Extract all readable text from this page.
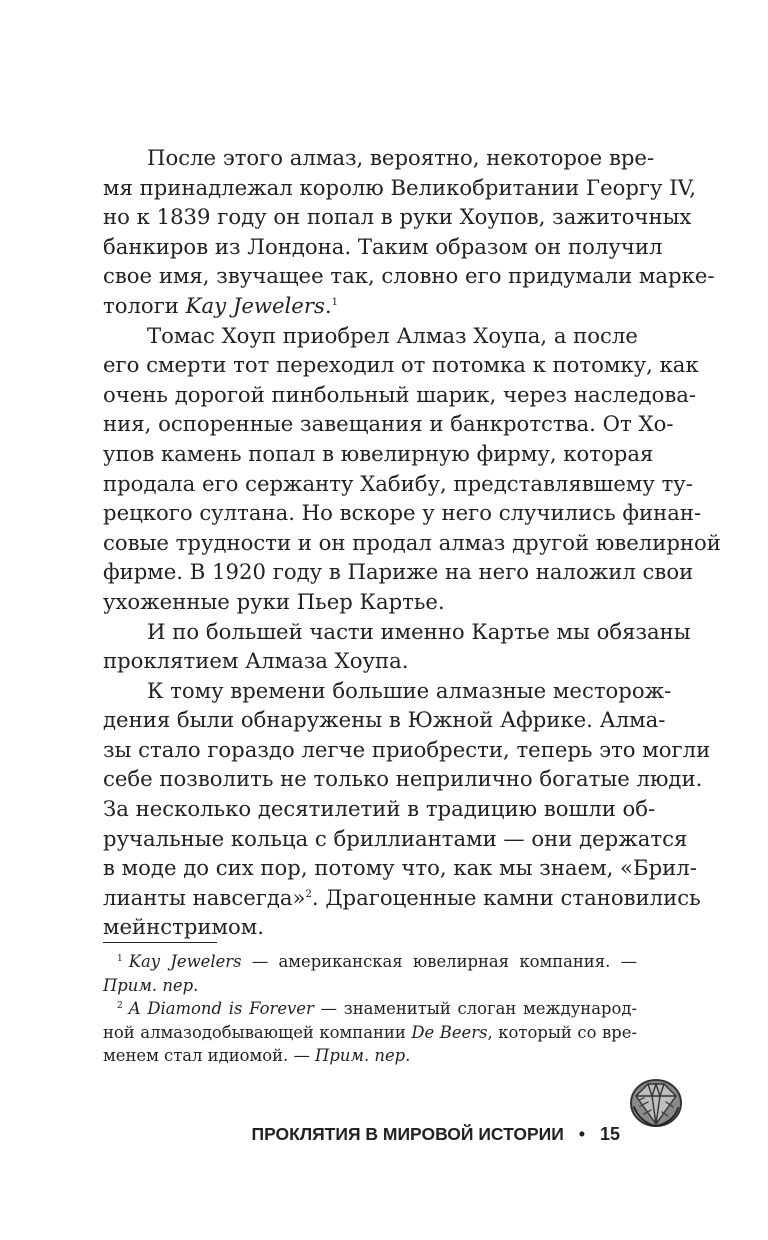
После этого алмаз, вероятно, некоторое вре-
мя принадлежал королю Великобритании Георгу IV,
но к 1839 году он попал в руки Хоупов, зажиточных
банкиров из Лондона. Таким образом он получил
свое имя, звучащее так, словно его придумали марке-
тологи Kay Jewelers.$^1$
Томас Хоуп приобрел Алмаз Хоупа, а после
его смерти тот переходил от потомка к потомку, как
очень дорогой пинбольный шарик, через наследова-
ния, оспоренные завещания и банкротства. От Хо-
упов камень попал в ювелирную фирму, которая
продала его сержанту Хабибу, представлявшему ту-
рецкого султана. Но вскоре у него случились финан-
совые трудности и он продал алмаз другой ювелирной
фирме. В 1920 году в Париже на него наложил свои
ухоженные руки Пьер Картье.
И по большей части именно Картье мы обязаны
проклятием Алмаза Хоупа.
К тому времени большие алмазные месторож-
дения были обнаружены в Южной Африке. Алма-
зы стало гораздо легче приобрести, теперь это могли
себе позволить не только неприлично богатые люди.
За несколько десятилетий в традицию вошли об-
ручальные кольца с бриллиантами — они держатся
в моде до сих пор, потому что, как мы знаем, «Брил-
лианты навсегда»$^2$. Драгоценные камни становились
мейнстримом.
$^1$ Kay Jewelers — американская ювелирная компания. —
Прим. пер.
$^2$ A Diamond is Forever — знаменитый слоган международ-
ной алмазодобывающей компании De Beers, который со вре-
менем стал идиомой. — Прим. пер.
ПРОКЛЯТИЯ В МИРОВОЙ ИСТОРИИ • 15
